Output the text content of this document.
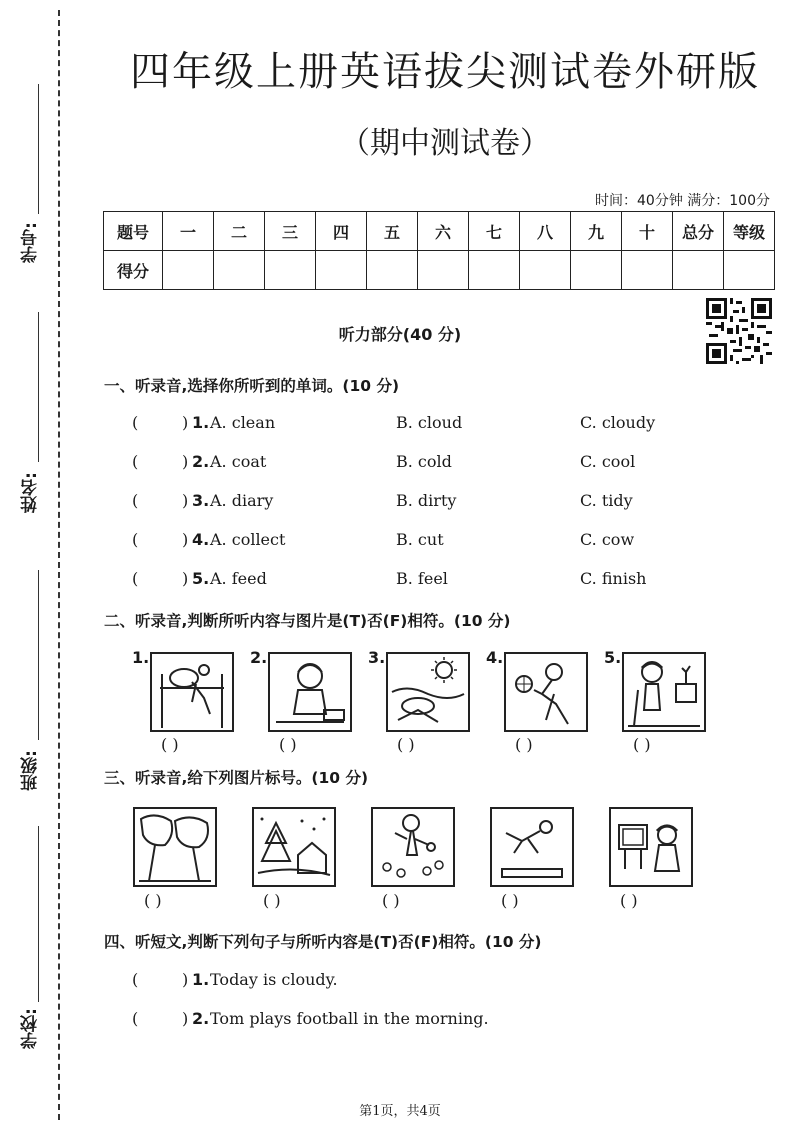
学号:
姓名:
班级:
学校:
四年级上册英语拔尖测试卷外研版
（期中测试卷）
时间：40分钟 满分：100分
题号	一	二	三	四	五	六	七	八	九	十	总分	等级
得分												
听力部分(40 分)
一、听录音,选择你所听到的单词。(10 分)
(	) 1. A. clean	B. cloud	C. cloudy
(	) 2. A. coat	B. cold	C. cool
(	) 3. A. diary	B. dirty	C. tidy
(	) 4. A. collect	B. cut	C. cow
(	) 5. A. feed	B. feel	C. finish
二、听录音,判断所听内容与图片是(T)否(F)相符。(10 分)
1.
( )
2.
( )
3.
( )
4.
( )
5.
( )
三、听录音,给下列图片标号。(10 分)
( )	( )	( )	( )	( )
四、听短文,判断下列句子与所听内容是(T)否(F)相符。(10 分)
(	) 1. Today is cloudy.
(	) 2. Tom plays football in the morning.
第1页，共4页
